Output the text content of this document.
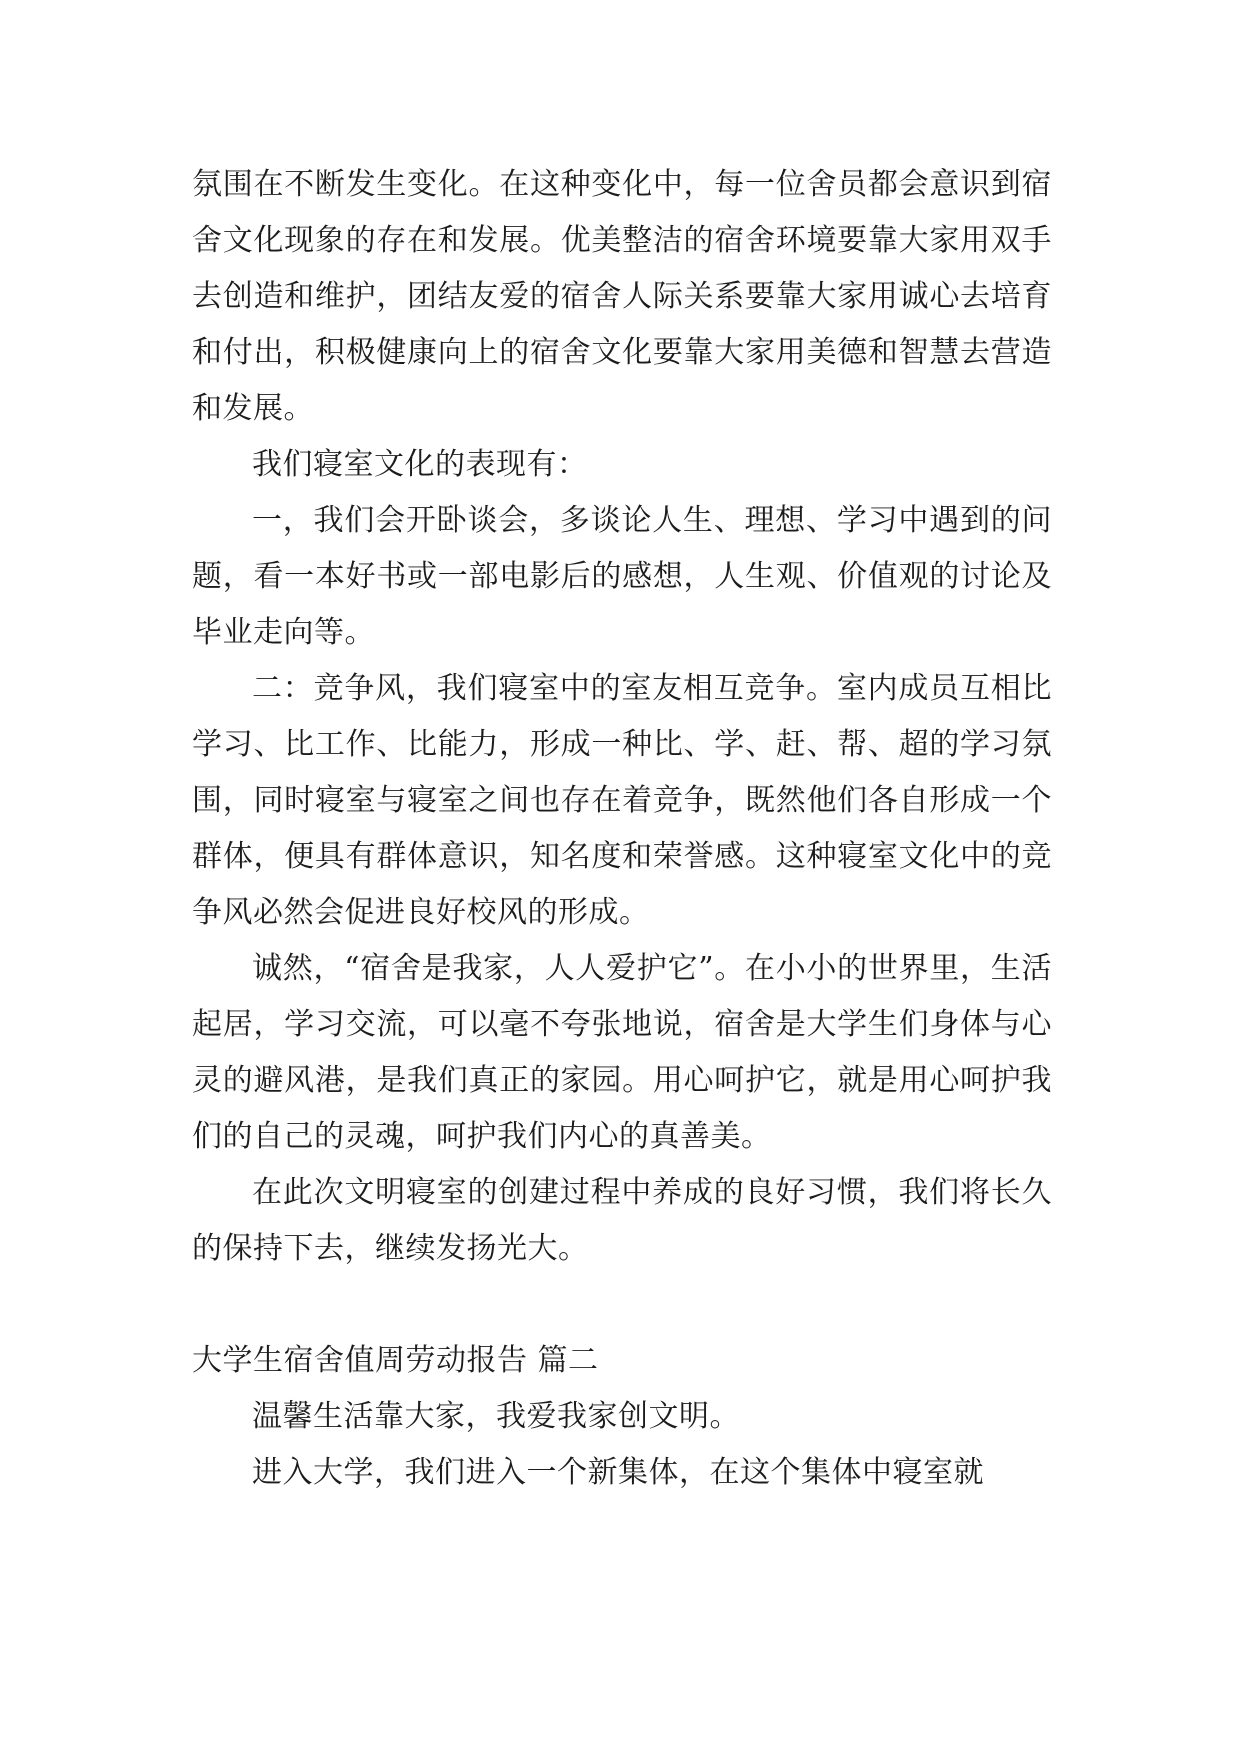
氛围在不断发生变化。在这种变化中，每一位舍员都会意识到宿舍文化现象的存在和发展。优美整洁的宿舍环境要靠大家用双手去创造和维护，团结友爱的宿舍人际关系要靠大家用诚心去培育和付出，积极健康向上的宿舍文化要靠大家用美德和智慧去营造和发展。

我们寝室文化的表现有：

一，我们会开卧谈会，多谈论人生、理想、学习中遇到的问题，看一本好书或一部电影后的感想，人生观、价值观的讨论及毕业走向等。

二：竞争风，我们寝室中的室友相互竞争。室内成员互相比学习、比工作、比能力，形成一种比、学、赶、帮、超的学习氛围，同时寝室与寝室之间也存在着竞争，既然他们各自形成一个群体，便具有群体意识，知名度和荣誉感。这种寝室文化中的竞争风必然会促进良好校风的形成。

诚然，“宿舍是我家，人人爱护它”。在小小的世界里，生活起居，学习交流，可以毫不夸张地说，宿舍是大学生们身体与心灵的避风港，是我们真正的家园。用心呵护它，就是用心呵护我们的自己的灵魂，呵护我们内心的真善美。

在此次文明寝室的创建过程中养成的良好习惯，我们将长久的保持下去，继续发扬光大。

大学生宿舍值周劳动报告 篇二

温馨生活靠大家，我爱我家创文明。

进入大学，我们进入一个新集体，在这个集体中寝室就
